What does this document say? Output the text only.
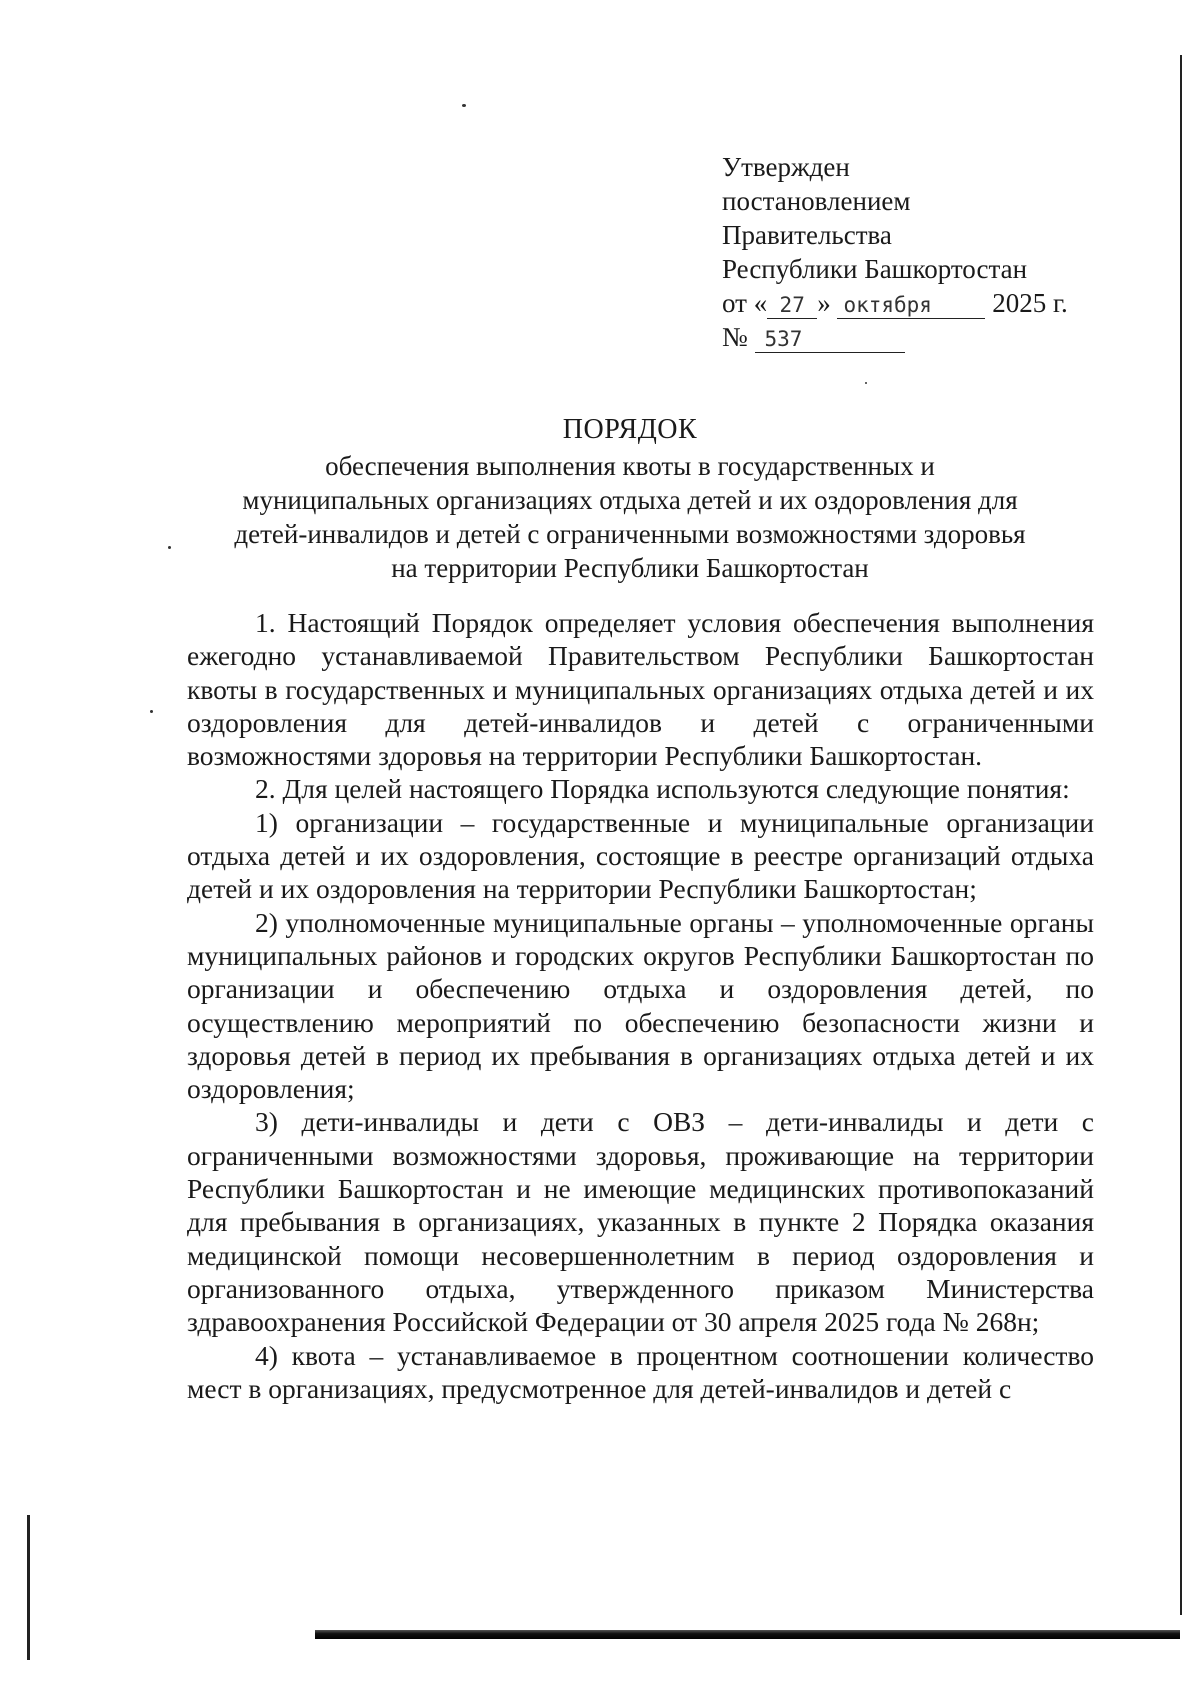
Утвержден
постановлением
Правительства
Республики Башкортостан
от « 27 » октября 2025 г.
№ 537
ПОРЯДОК
обеспечения выполнения квоты в государственных и
муниципальных организациях отдыха детей и их оздоровления для
детей-инвалидов и детей с ограниченными возможностями здоровья
на территории Республики Башкортостан

1. Настоящий Порядок определяет условия обеспечения выполнения ежегодно устанавливаемой Правительством Республики Башкортостан квоты в государственных и муниципальных организациях отдыха детей и их оздоровления для детей-инвалидов и детей с ограниченными возможностями здоровья на территории Республики Башкортостан.

2. Для целей настоящего Порядка используются следующие понятия:

1) организации – государственные и муниципальные организации отдыха детей и их оздоровления, состоящие в реестре организаций отдыха детей и их оздоровления на территории Республики Башкортостан;

2) уполномоченные муниципальные органы – уполномоченные органы муниципальных районов и городских округов Республики Башкортостан по организации и обеспечению отдыха и оздоровления детей, по осуществлению мероприятий по обеспечению безопасности жизни и здоровья детей в период их пребывания в организациях отдыха детей и их оздоровления;

3) дети-инвалиды и дети с ОВЗ – дети-инвалиды и дети с ограниченными возможностями здоровья, проживающие на территории Республики Башкортостан и не имеющие медицинских противопоказаний для пребывания в организациях, указанных в пункте 2 Порядка оказания медицинской помощи несовершеннолетним в период оздоровления и организованного отдыха, утвержденного приказом Министерства здравоохранения Российской Федерации от 30 апреля 2025 года № 268н;

4) квота – устанавливаемое в процентном соотношении количество мест в организациях, предусмотренное для детей-инвалидов и детей с
